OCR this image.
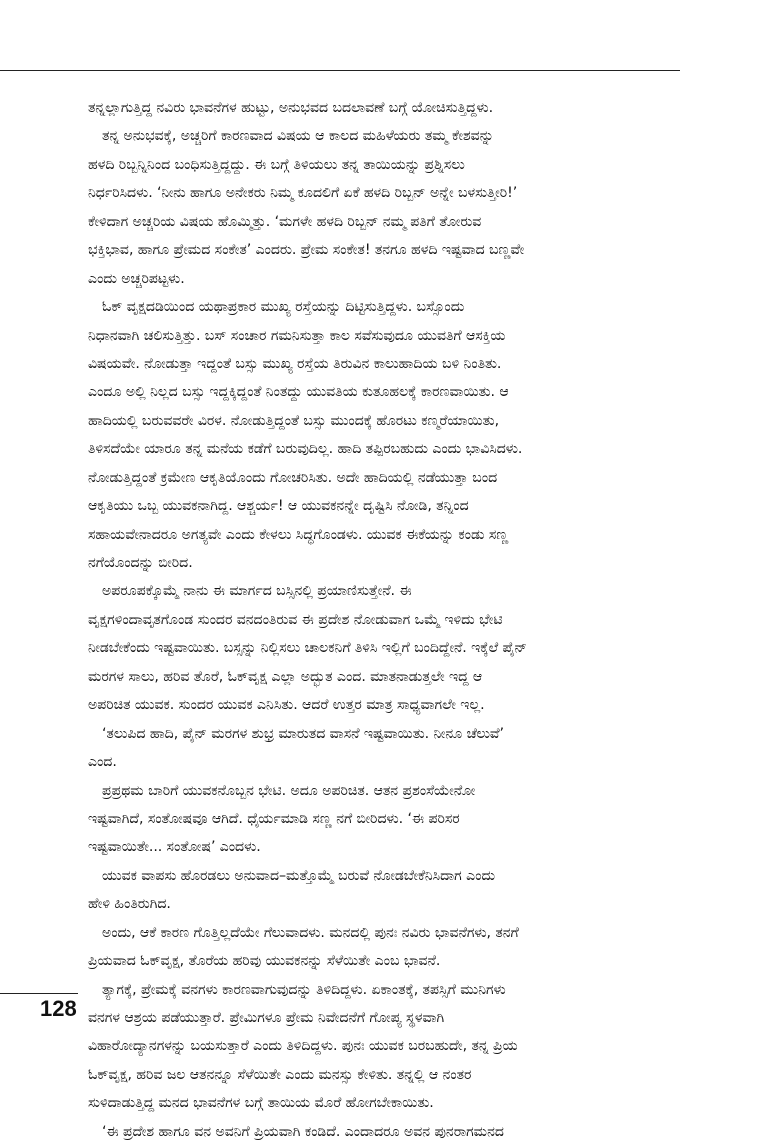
ತನ್ನಲ್ಲಾಗುತ್ತಿದ್ದ ನವಿರು ಭಾವನೆಗಳ ಹುಟ್ಟು, ಅನುಭವದ ಬದಲಾವಣೆ ಬಗ್ಗೆ ಯೋಚಿಸುತ್ತಿದ್ದಳು.
ತನ್ನ ಅನುಭವಕ್ಕೆ, ಅಚ್ಚರಿಗೆ ಕಾರಣವಾದ ವಿಷಯ ಆ ಕಾಲದ ಮಹಿಳೆಯರು ತಮ್ಮ ಕೇಶವನ್ನು
ಹಳದಿ ರಿಬ್ಬನ್ನಿನಿಂದ ಬಂಧಿಸುತ್ತಿದ್ದದ್ದು. ಈ ಬಗ್ಗೆ ತಿಳಿಯಲು ತನ್ನ ತಾಯಿಯನ್ನು ಪ್ರಶ್ನಿಸಲು
ನಿರ್ಧರಿಸಿದಳು. ‘ನೀನು ಹಾಗೂ ಅನೇಕರು ನಿಮ್ಮ ಕೂದಲಿಗೆ ಏಕೆ ಹಳದಿ ರಿಬ್ಬನ್ ಅನ್ನೇ ಬಳಸುತ್ತೀರಿ!’
ಕೇಳಿದಾಗ ಅಚ್ಚರಿಯ ವಿಷಯ ಹೊಮ್ಮಿತ್ತು. ‘ಮಗಳೇ ಹಳದಿ ರಿಬ್ಬನ್ ನಮ್ಮ ಪತಿಗೆ ತೋರುವ
ಭಕ್ತಿಭಾವ, ಹಾಗೂ ಪ್ರೇಮದ ಸಂಕೇತ’ ಎಂದರು. ಪ್ರೇಮ ಸಂಕೇತ! ತನಗೂ ಹಳದಿ ಇಷ್ಟವಾದ ಬಣ್ಣವೇ
ಎಂದು ಅಚ್ಚರಿಪಟ್ಟಳು.
ಓಕ್ ವೃಕ್ಷದಡಿಯಿಂದ ಯಥಾಪ್ರಕಾರ ಮುಖ್ಯ ರಸ್ತೆಯನ್ನು ದಿಟ್ಟಿಸುತ್ತಿದ್ದಳು. ಬಸ್ಸೊಂದು
ನಿಧಾನವಾಗಿ ಚಲಿಸುತ್ತಿತ್ತು. ಬಸ್ ಸಂಚಾರ ಗಮನಿಸುತ್ತಾ ಕಾಲ ಸವೆಸುವುದೂ ಯುವತಿಗೆ ಆಸಕ್ತಿಯ
ವಿಷಯವೇ. ನೋಡುತ್ತಾ ಇದ್ದಂತೆ ಬಸ್ಸು ಮುಖ್ಯ ರಸ್ತೆಯ ತಿರುವಿನ ಕಾಲುಹಾದಿಯ ಬಳಿ ನಿಂತಿತು.
ಎಂದೂ ಅಲ್ಲಿ ನಿಲ್ಲದ ಬಸ್ಸು ಇದ್ದಕ್ಕಿದ್ದಂತೆ ನಿಂತದ್ದು ಯುವತಿಯ ಕುತೂಹಲಕ್ಕೆ ಕಾರಣವಾಯಿತು. ಆ
ಹಾದಿಯಲ್ಲಿ ಬರುವವರೇ ವಿರಳ. ನೋಡುತ್ತಿದ್ದಂತೆ ಬಸ್ಸು ಮುಂದಕ್ಕೆ ಹೊರಟು ಕಣ್ಮರೆಯಾಯಿತು,
ತಿಳಿಸದೆಯೇ ಯಾರೂ ತನ್ನ ಮನೆಯ ಕಡೆಗೆ ಬರುವುದಿಲ್ಲ. ಹಾದಿ ತಪ್ಪಿರಬಹುದು ಎಂದು ಭಾವಿಸಿದಳು.
ನೋಡುತ್ತಿದ್ದಂತೆ ಕ್ರಮೇಣ ಆಕೃತಿಯೊಂದು ಗೋಚರಿಸಿತು. ಅದೇ ಹಾದಿಯಲ್ಲಿ ನಡೆಯುತ್ತಾ ಬಂದ
ಆಕೃತಿಯು ಒಬ್ಬ ಯುವಕನಾಗಿದ್ದ. ಆಶ್ಚರ್ಯ! ಆ ಯುವಕನನ್ನೇ ದೃಷ್ಟಿಸಿ ನೋಡಿ, ತನ್ನಿಂದ
ಸಹಾಯವೇನಾದರೂ ಅಗತ್ಯವೇ ಎಂದು ಕೇಳಲು ಸಿದ್ಧಗೊಂಡಳು. ಯುವಕ ಈಕೆಯನ್ನು ಕಂಡು ಸಣ್ಣ
ನಗೆಯೊಂದನ್ನು ಬೀರಿದ.
ಅಪರೂಪಕ್ಕೊಮ್ಮೆ ನಾನು ಈ ಮಾರ್ಗದ ಬಸ್ಸಿನಲ್ಲಿ ಪ್ರಯಾಣಿಸುತ್ತೇನೆ. ಈ
ವೃಕ್ಷಗಳಿಂದಾವೃತಗೊಂಡ ಸುಂದರ ವನದಂತಿರುವ ಈ ಪ್ರದೇಶ ನೋಡುವಾಗ ಒಮ್ಮೆ ಇಳಿದು ಭೇಟಿ
ನೀಡಬೇಕೆಂದು ಇಷ್ಟವಾಯಿತು. ಬಸ್ಸನ್ನು ನಿಲ್ಲಿಸಲು ಚಾಲಕನಿಗೆ ತಿಳಿಸಿ ಇಲ್ಲಿಗೆ ಬಂದಿದ್ದೇನೆ. ಇಕ್ಕೆಲೆ ಪೈನ್
ಮರಗಳ ಸಾಲು, ಹರಿವ ತೊರೆ, ಓಕ್‌ವೃಕ್ಷ ಎಲ್ಲಾ ಅದ್ಭುತ ಎಂದ. ಮಾತನಾಡುತ್ತಲೇ ಇದ್ದ ಆ
ಅಪರಿಚಿತ ಯುವಕ. ಸುಂದರ ಯುವಕ ಎನಿಸಿತು. ಆದರೆ ಉತ್ತರ ಮಾತ್ರ ಸಾಧ್ಯವಾಗಲೇ ಇಲ್ಲ.
‘ತಲುಪಿದ ಹಾದಿ, ಪೈನ್ ಮರಗಳ ಶುಭ್ರ ಮಾರುತದ ವಾಸನೆ ಇಷ್ಟವಾಯಿತು. ನೀನೂ ಚೆಲುವೆ’
ಎಂದ.
ಪ್ರಪ್ರಥಮ ಬಾರಿಗೆ ಯುವಕನೊಬ್ಬನ ಭೇಟಿ. ಅದೂ ಅಪರಿಚಿತ. ಆತನ ಪ್ರಶಂಸೆಯೇನೋ
ಇಷ್ಟವಾಗಿದೆ, ಸಂತೋಷವೂ ಆಗಿದೆ. ಧೈರ್ಯಮಾಡಿ ಸಣ್ಣ ನಗೆ ಬೀರಿದಳು. ‘ಈ ಪರಿಸರ
ಇಷ್ಟವಾಯಿತೇ... ಸಂತೋಷ’ ಎಂದಳು.
ಯುವಕ ವಾಪಸು ಹೊರಡಲು ಅನುವಾದ–ಮತ್ತೊಮ್ಮೆ ಬರುವೆ ನೋಡಬೇಕೆನಿಸಿದಾಗ ಎಂದು
ಹೇಳಿ ಹಿಂತಿರುಗಿದ.
ಅಂದು, ಆಕೆ ಕಾರಣ ಗೊತ್ತಿಲ್ಲದೆಯೇ ಗೆಲುವಾದಳು. ಮನದಲ್ಲಿ ಪುನಃ ನವಿರು ಭಾವನೆಗಳು, ತನಗೆ
ಪ್ರಿಯವಾದ ಓಕ್‌ವೃಕ್ಷ, ತೊರೆಯ ಹರಿವು ಯುವಕನನ್ನು ಸೆಳೆಯಿತೇ ಎಂಬ ಭಾವನೆ.
ತ್ಯಾಗಕ್ಕೆ, ಪ್ರೇಮಕ್ಕೆ ವನಗಳು ಕಾರಣವಾಗುವುದನ್ನು ತಿಳಿದಿದ್ದಳು. ಏಕಾಂತಕ್ಕೆ, ತಪಸ್ಸಿಗೆ ಮುನಿಗಳು
ವನಗಳ ಆಶ್ರಯ ಪಡೆಯುತ್ತಾರೆ. ಪ್ರೇಮಿಗಳೂ ಪ್ರೇಮ ನಿವೇದನೆಗೆ ಗೋಪ್ಯ ಸ್ಥಳವಾಗಿ
ವಿಹಾರೋದ್ಯಾನಗಳನ್ನು ಬಯಸುತ್ತಾರೆ ಎಂದು ತಿಳಿದಿದ್ದಳು. ಪುನಃ ಯುವಕ ಬರಬಹುದೇ, ತನ್ನ ಪ್ರಿಯ
ಓಕ್‌ವೃಕ್ಷ, ಹರಿವ ಜಲ ಆತನನ್ನೂ ಸೆಳೆಯಿತೇ ಎಂದು ಮನಸ್ಸು ಕೇಳಿತು. ತನ್ನಲ್ಲಿ ಆ ನಂತರ
ಸುಳಿದಾಡುತ್ತಿದ್ದ ಮನದ ಭಾವನೆಗಳ ಬಗ್ಗೆ ತಾಯಿಯ ಮೊರೆ ಹೋಗಬೇಕಾಯಿತು.
‘ಈ ಪ್ರದೇಶ ಹಾಗೂ ವನ ಅವನಿಗೆ ಪ್ರಿಯವಾಗಿ ಕಂಡಿದೆ. ಎಂದಾದರೂ ಅವನ ಪುನರಾಗಮನದ
128
